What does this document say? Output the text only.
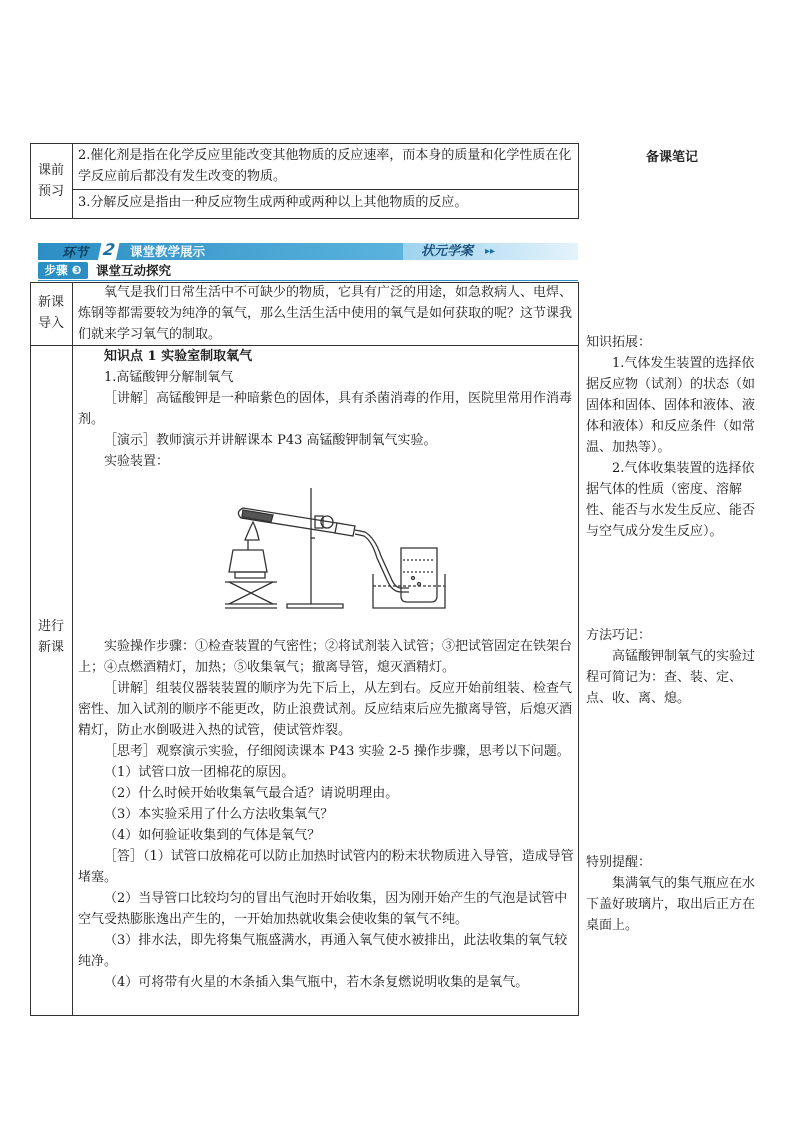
课前
预习
2.催化剂是指在化学反应里能改变其他物质的反应速率，而本身的质量和化学性质在化学反应前后都没有发生改变的物质。
3.分解反应是指由一种反应物生成两种或两种以上其他物质的反应。
备课笔记
环节 2 课堂教学展示	状元学案 ▸▸
步骤 ❸	课堂互动探究
新课
导入
氧气是我们日常生活中不可缺少的物质，它具有广泛的用途，如急救病人、电焊、炼钢等都需要较为纯净的氧气，那么生活生活中使用的氧气是如何获取的呢？这节课我们就来学习氧气的制取。
进行
新课

知识点 1 实验室制取氧气

1.高锰酸钾分解制氧气

［讲解］高锰酸钾是一种暗紫色的固体，具有杀菌消毒的作用，医院里常用作消毒剂。

［演示］教师演示并讲解课本 P43 高锰酸钾制氧气实验。

实验装置：

实验操作步骤：①检查装置的气密性；②将试剂装入试管；③把试管固定在铁架台上；④点燃酒精灯，加热；⑤收集氧气；撤离导管，熄灭酒精灯。

［讲解］组装仪器装装置的顺序为先下后上，从左到右。反应开始前组装、检查气密性、加入试剂的顺序不能更改，防止浪费试剂。反应结束后应先撤离导管，后熄灭酒精灯，防止水倒吸进入热的试管，使试管炸裂。

［思考］观察演示实验，仔细阅读课本 P43 实验 2-5 操作步骤，思考以下问题。

（1）试管口放一团棉花的原因。

（2）什么时候开始收集氧气最合适？请说明理由。

（3）本实验采用了什么方法收集氧气？

（4）如何验证收集到的气体是氧气？

［答］（1）试管口放棉花可以防止加热时试管内的粉末状物质进入导管，造成导管堵塞。

（2）当导管口比较均匀的冒出气泡时开始收集，因为刚开始产生的气泡是试管中空气受热膨胀逸出产生的，一开始加热就收集会使收集的氧气不纯。

（3）排水法，即先将集气瓶盛满水，再通入氧气使水被排出，此法收集的氧气较纯净。

（4）可将带有火星的木条插入集气瓶中，若木条复燃说明收集的是氧气。

知识拓展：

1.气体发生装置的选择依据反应物（试剂）的状态（如固体和固体、固体和液体、液体和液体）和反应条件（如常温、加热等）。

2.气体收集装置的选择依据气体的性质（密度、溶解性、能否与水发生反应、能否与空气成分发生反应）。

方法巧记：

高锰酸钾制氧气的实验过程可简记为：查、装、定、点、收、离、熄。

特别提醒：

集满氧气的集气瓶应在水下盖好玻璃片，取出后正方在桌面上。
